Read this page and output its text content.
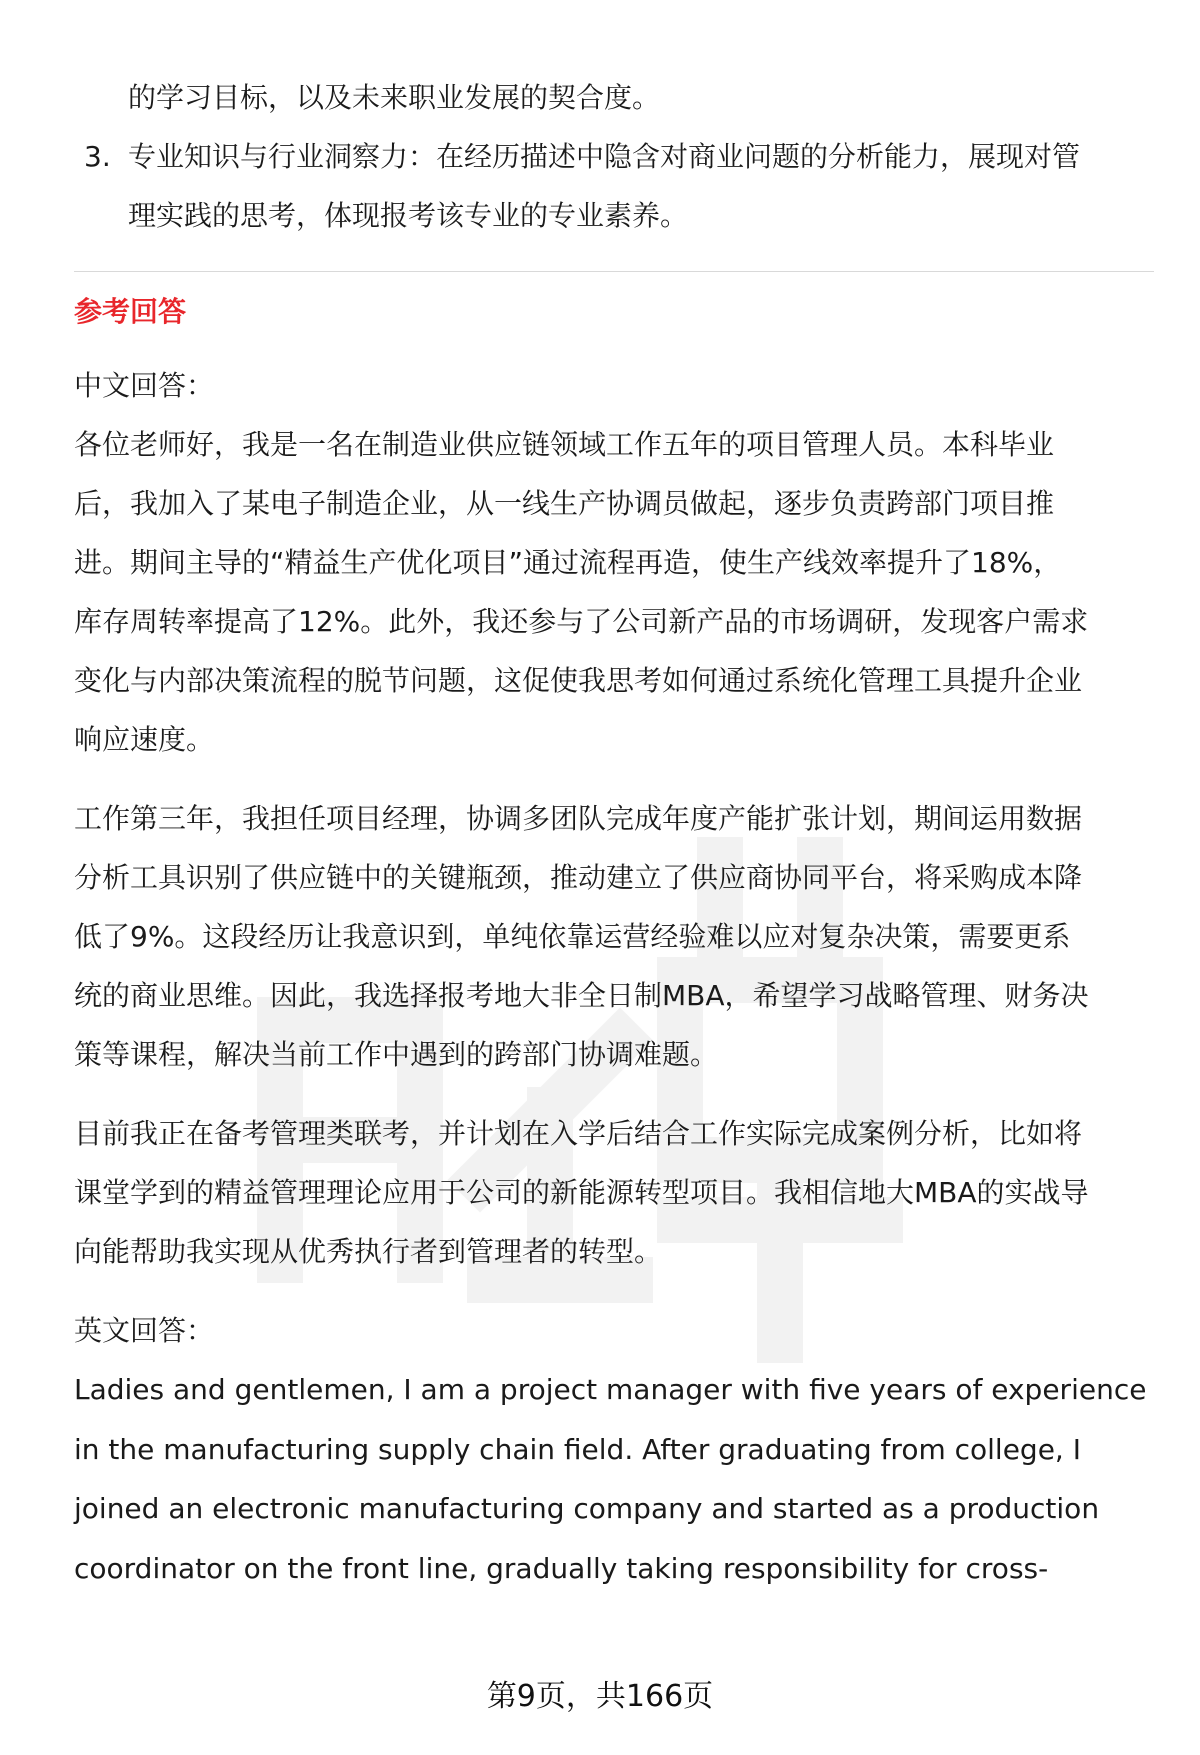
的学习目标，以及未来职业发展的契合度。
3. 专业知识与行业洞察力：在经历描述中隐含对商业问题的分析能力，展现对管
理实践的思考，体现报考该专业的专业素养。
参考回答
中文回答：
各位老师好，我是一名在制造业供应链领域工作五年的项目管理人员。本科毕业
后，我加入了某电子制造企业，从一线生产协调员做起，逐步负责跨部门项目推
进。期间主导的“精益生产优化项目”通过流程再造，使生产线效率提升了18%，
库存周转率提高了12%。此外，我还参与了公司新产品的市场调研，发现客户需求
变化与内部决策流程的脱节问题，这促使我思考如何通过系统化管理工具提升企业
响应速度。
工作第三年，我担任项目经理，协调多团队完成年度产能扩张计划，期间运用数据
分析工具识别了供应链中的关键瓶颈，推动建立了供应商协同平台，将采购成本降
低了9%。这段经历让我意识到，单纯依靠运营经验难以应对复杂决策，需要更系
统的商业思维。因此，我选择报考地大非全日制MBA，希望学习战略管理、财务决
策等课程，解决当前工作中遇到的跨部门协调难题。
目前我正在备考管理类联考，并计划在入学后结合工作实际完成案例分析，比如将
课堂学到的精益管理理论应用于公司的新能源转型项目。我相信地大MBA的实战导
向能帮助我实现从优秀执行者到管理者的转型。
英文回答：
Ladies and gentlemen, I am a project manager with five years of experience
in the manufacturing supply chain field. After graduating from college, I
joined an electronic manufacturing company and started as a production
coordinator on the front line, gradually taking responsibility for cross-
第9页，共166页
